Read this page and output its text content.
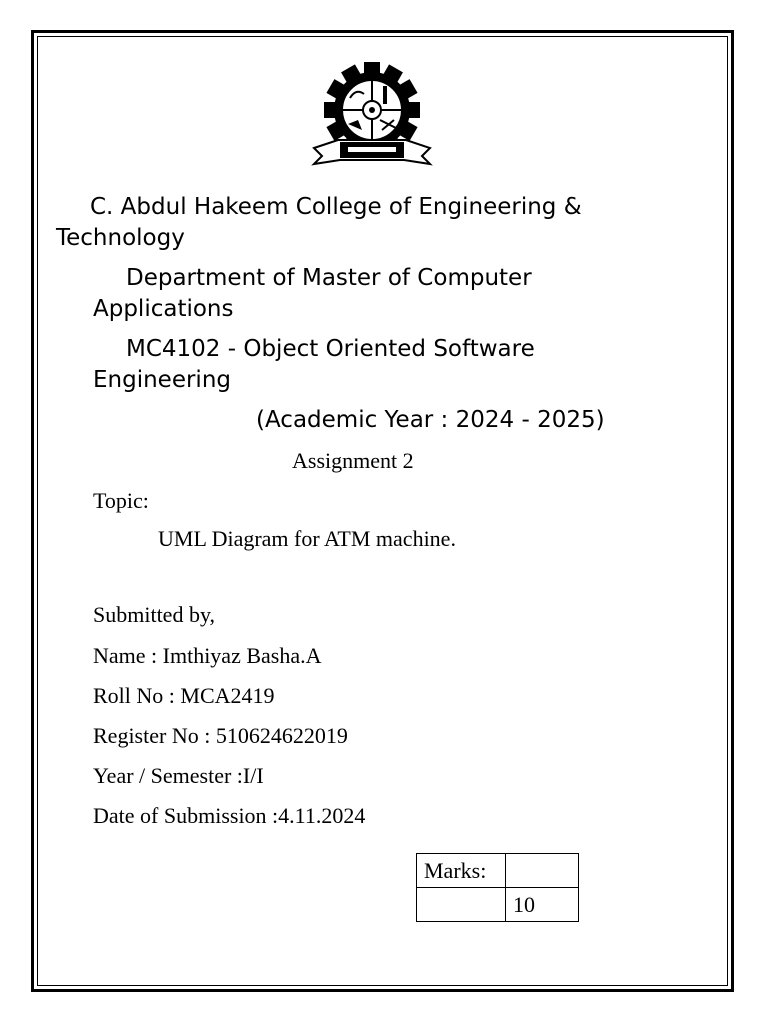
C. Abdul Hakeem College of Engineering & Technology
Department of Master of Computer Applications
MC4102 - Object Oriented Software Engineering
(Academic Year : 2024 - 2025)
Assignment 2
Topic:
UML Diagram for ATM machine.
Submitted by,
Name : Imthiyaz Basha.A
Roll No : MCA2419
Register No : 510624622019
Year / Semester :I/I
Date of Submission :4.11.2024
Marks:	
	10
